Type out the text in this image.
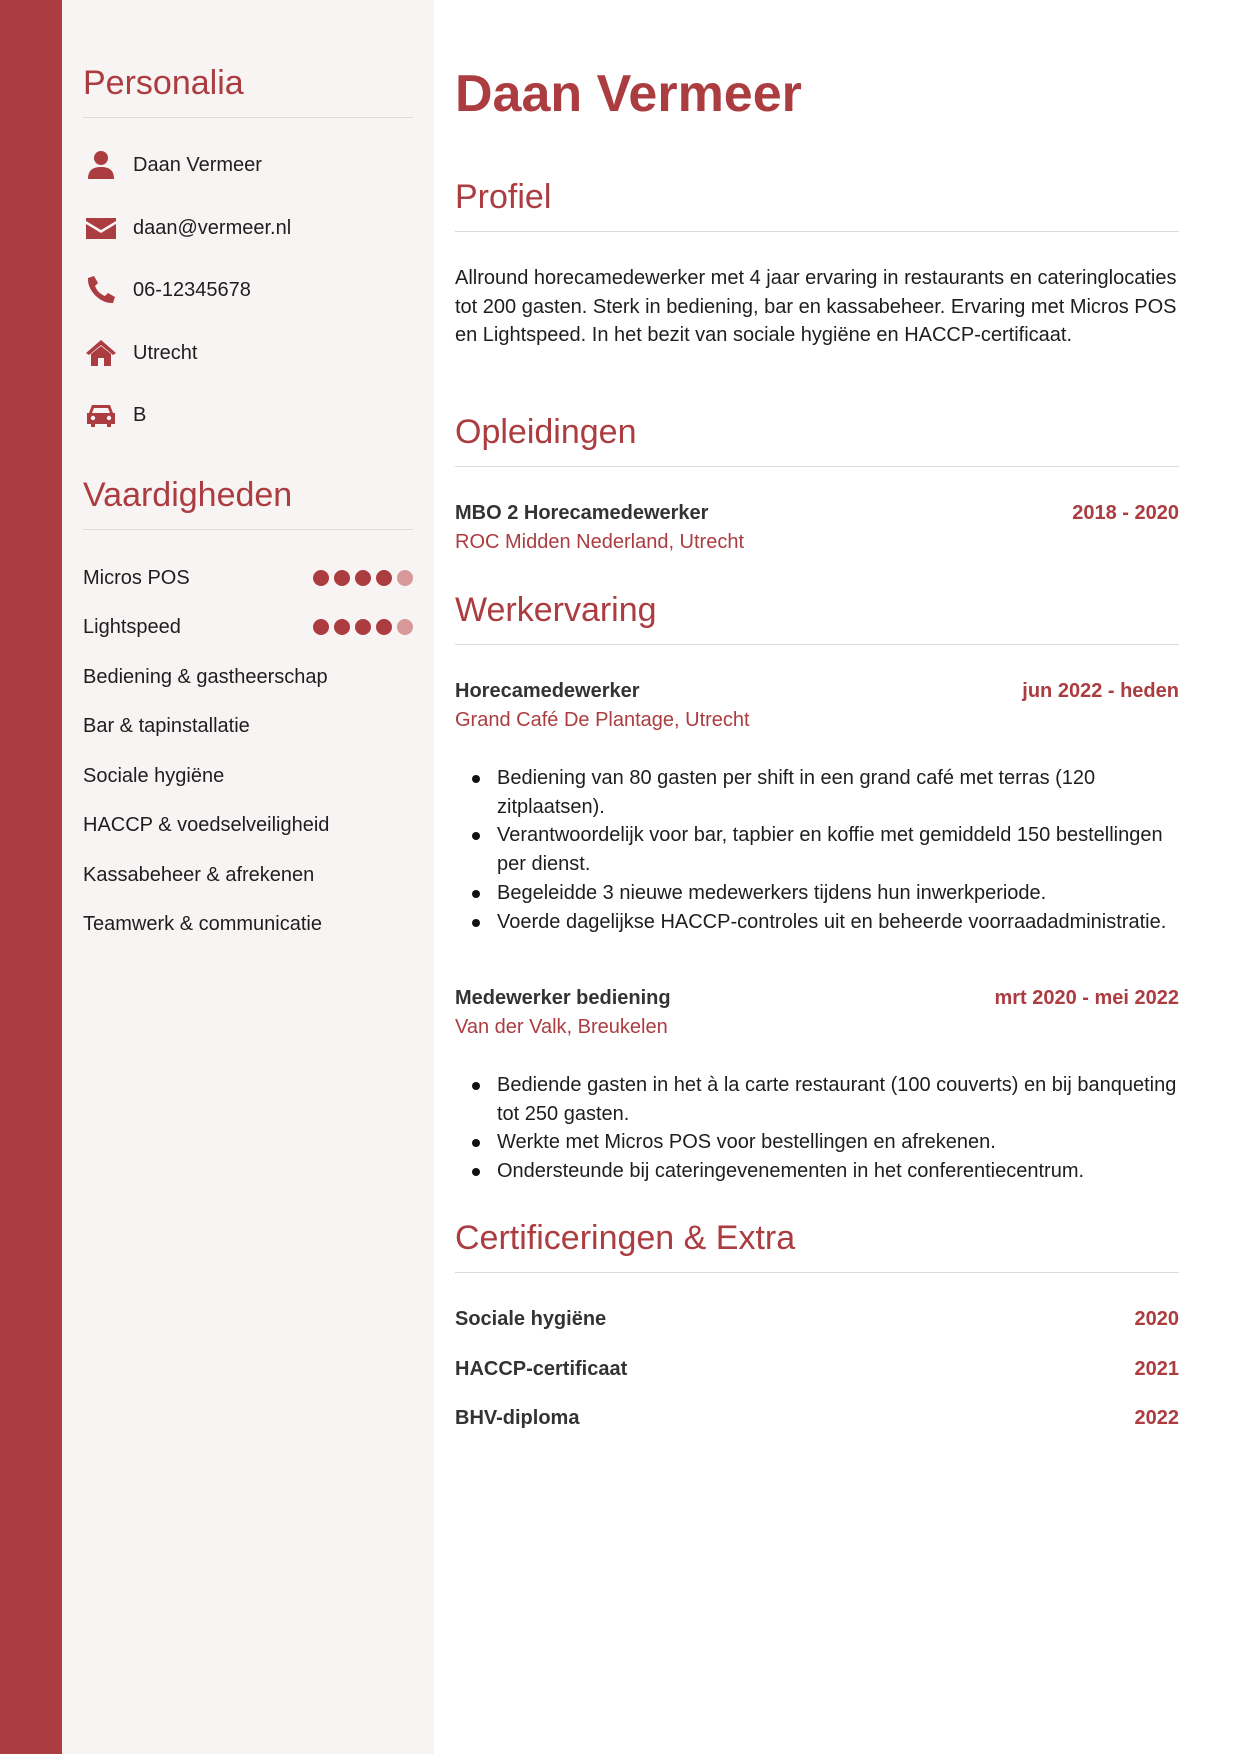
Personalia
Daan Vermeer
daan@vermeer.nl
06-12345678
Utrecht
B
Vaardigheden
Micros POS
Lightspeed
Bediening & gastheerschap
Bar & tapinstallatie
Sociale hygiëne
HACCP & voedselveiligheid
Kassabeheer & afrekenen
Teamwerk & communicatie
Daan Vermeer
Profiel
Allround horecamedewerker met 4 jaar ervaring in restaurants en cateringlocaties tot 200 gasten. Sterk in bediening, bar en kassabeheer. Ervaring met Micros POS en Lightspeed. In het bezit van sociale hygiëne en HACCP-certificaat.
Opleidingen
MBO 2 Horecamedewerker	2018 - 2020
ROC Midden Nederland, Utrecht
Werkervaring
Horecamedewerker	jun 2022 - heden
Grand Café De Plantage, Utrecht
Bediening van 80 gasten per shift in een grand café met terras (120 zitplaatsen).
Verantwoordelijk voor bar, tapbier en koffie met gemiddeld 150 bestellingen per dienst.
Begeleidde 3 nieuwe medewerkers tijdens hun inwerkperiode.
Voerde dagelijkse HACCP-controles uit en beheerde voorraadadministratie.
Medewerker bediening	mrt 2020 - mei 2022
Van der Valk, Breukelen
Bediende gasten in het à la carte restaurant (100 couverts) en bij banqueting tot 250 gasten.
Werkte met Micros POS voor bestellingen en afrekenen.
Ondersteunde bij cateringevenementen in het conferentiecentrum.
Certificeringen & Extra
Sociale hygiëne	2020
HACCP-certificaat	2021
BHV-diploma	2022
